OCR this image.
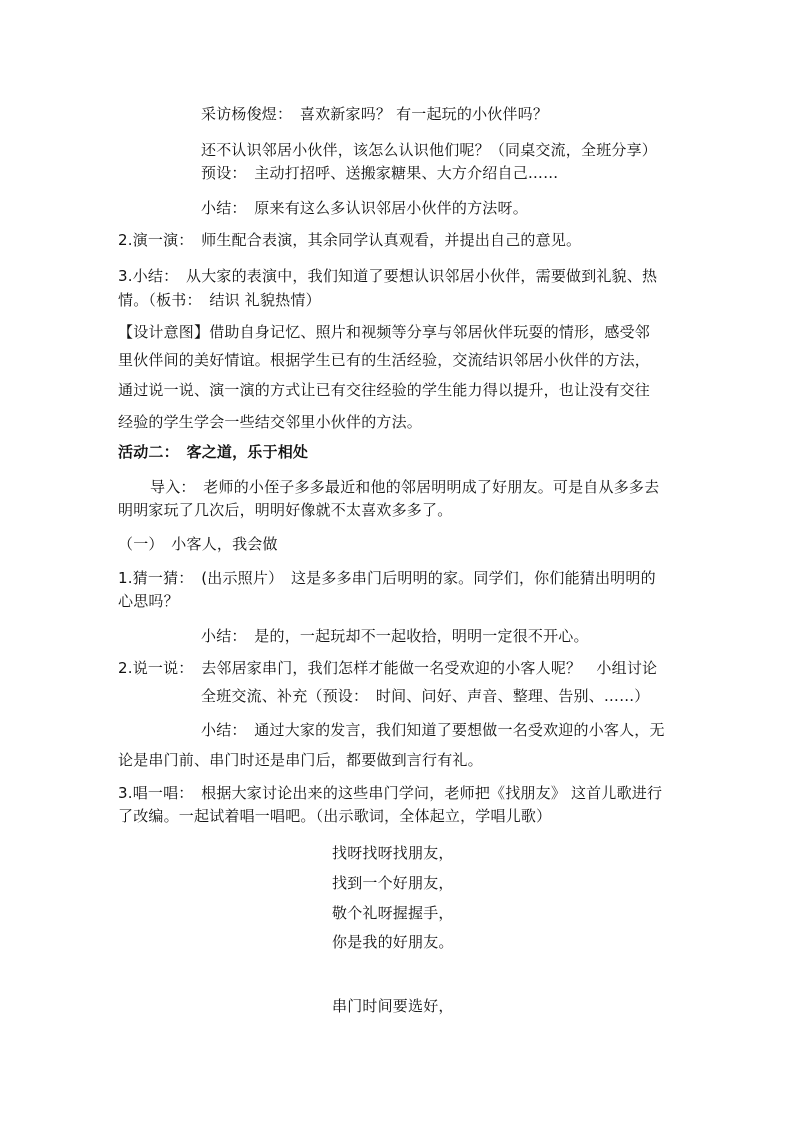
采访杨俊煜：　喜欢新家吗？ 有一起玩的小伙伴吗？
还不认识邻居小伙伴，该怎么认识他们呢？（同桌交流，全班分享）
预设：　主动打招呼、送搬家糖果、大方介绍自己……
小结：　原来有这么多认识邻居小伙伴的方法呀。
2.演一演：　师生配合表演，其余同学认真观看，并提出自己的意见。
3.小结：　从大家的表演中，我们知道了要想认识邻居小伙伴，需要做到礼貌、热
情。（板书：　结识 礼貌热情）
【设计意图】借助自身记忆、照片和视频等分享与邻居伙伴玩耍的情形，感受邻
里伙伴间的美好情谊。根据学生已有的生活经验，交流结识邻居小伙伴的方法，
通过说一说、演一演的方式让已有交往经验的学生能力得以提升，也让没有交往
经验的学生学会一些结交邻里小伙伴的方法。
活动二：　客之道，乐于相处
导入：　老师的小侄子多多最近和他的邻居明明成了好朋友。可是自从多多去
明明家玩了几次后，明明好像就不太喜欢多多了。
（一）　小客人，我会做
1.猜一猜：　(出示照片）　这是多多串门后明明的家。同学们，你们能猜出明明的
心思吗？
小结：　是的，一起玩却不一起收拾，明明一定很不开心。
2.说一说：　去邻居家串门，我们怎样才能做一名受欢迎的小客人呢？　小组讨论
全班交流、补充（预设：　时间、问好、声音、整理、告别、……）
小结：　通过大家的发言，我们知道了要想做一名受欢迎的小客人，无
论是串门前、串门时还是串门后，都要做到言行有礼。
3.唱一唱：　根据大家讨论出来的这些串门学问，老师把《找朋友》 这首儿歌进行
了改编。一起试着唱一唱吧。（出示歌词，全体起立，学唱儿歌）
找呀找呀找朋友，
找到一个好朋友，
敬个礼呀握握手，
你是我的好朋友。
串门时间要选好，
